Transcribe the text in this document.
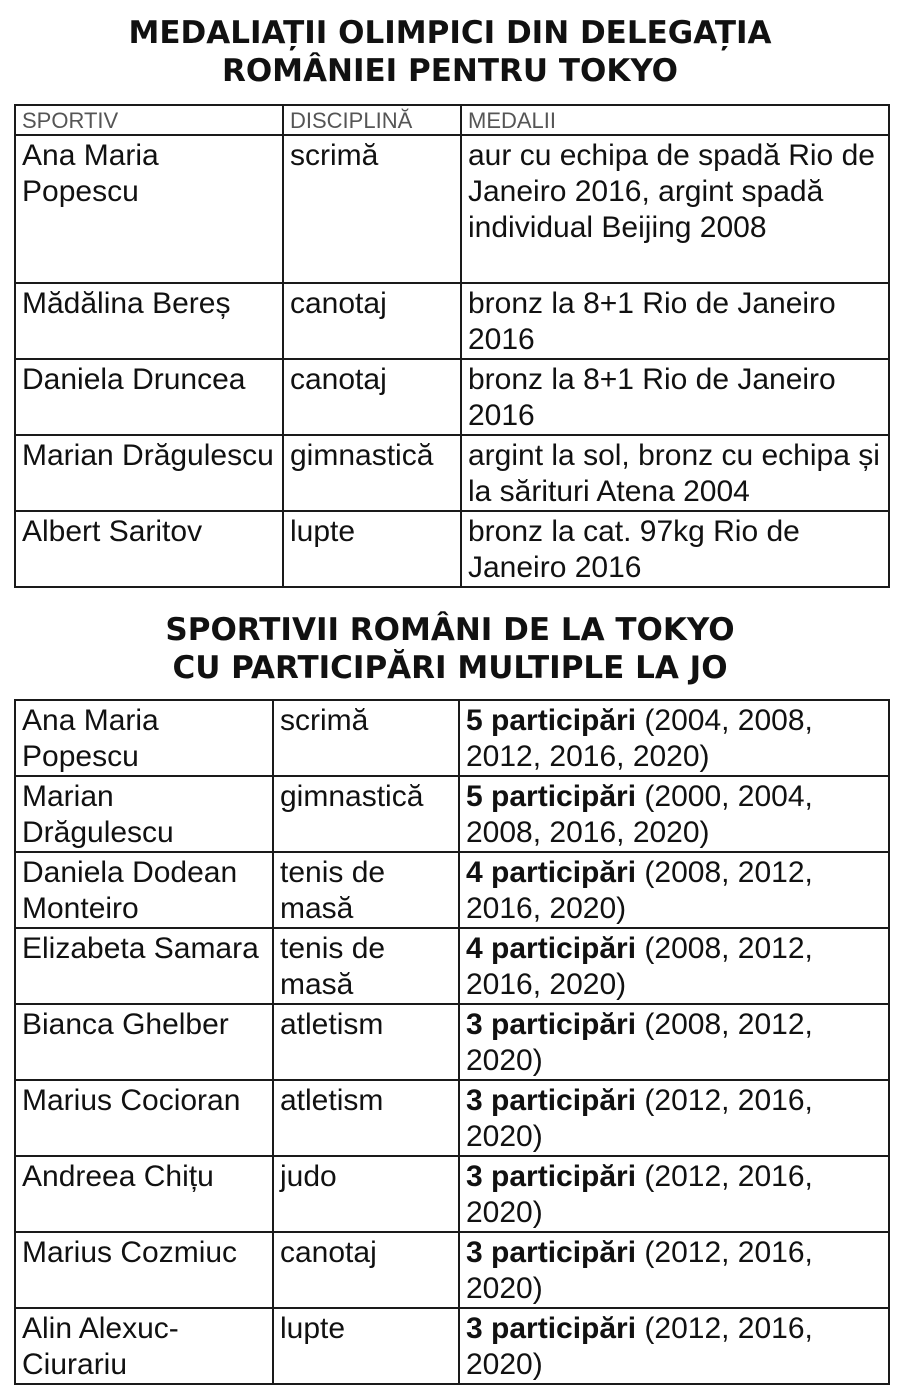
MEDALIAȚII OLIMPICI DIN DELEGAȚIA
ROMÂNIEI PENTRU TOKYO
SPORTIV	DISCIPLINĂ	MEDALII
Ana Maria Popescu	scrimă	aur cu echipa de spadă Rio de Janeiro 2016, argint spadă individual Beijing 2008
Mădălina Bereș	canotaj	bronz la 8+1 Rio de Janeiro 2016
Daniela Druncea	canotaj	bronz la 8+1 Rio de Janeiro 2016
Marian Drăgulescu	gimnastică	argint la sol, bronz cu echipa și la sărituri Atena 2004
Albert Saritov	lupte	bronz la cat. 97kg Rio de Janeiro 2016
SPORTIVII ROMÂNI DE LA TOKYO
CU PARTICIPĂRI MULTIPLE LA JO
Ana Maria Popescu	scrimă	5 participări (2004, 2008, 2012, 2016, 2020)
Marian Drăgulescu	gimnastică	5 participări (2000, 2004, 2008, 2016, 2020)
Daniela Dodean Monteiro	tenis de masă	4 participări (2008, 2012, 2016, 2020)
Elizabeta Samara	tenis de masă	4 participări (2008, 2012, 2016, 2020)
Bianca Ghelber	atletism	3 participări (2008, 2012, 2020)
Marius Cocioran	atletism	3 participări (2012, 2016, 2020)
Andreea Chițu	judo	3 participări (2012, 2016, 2020)
Marius Cozmiuc	canotaj	3 participări (2012, 2016, 2020)
Alin Alexuc-Ciurariu	lupte	3 participări (2012, 2016, 2020)
